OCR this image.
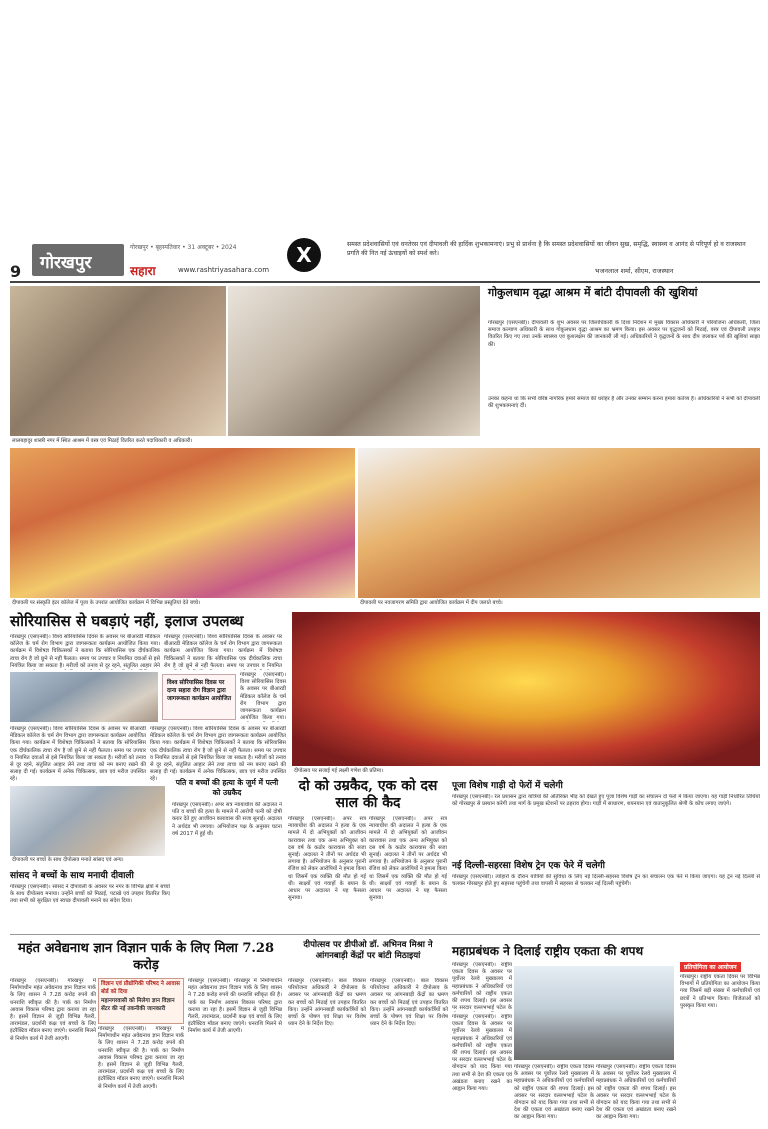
गोरखपुर • बृहस्पतिवार • 31 अक्टूबर • 2024
9 गोरखपुर	सहारा	www.rashtriyasahara.com
X	समस्त प्रदेशवासियों एवं धनतेरस एवं दीपावली की हार्दिक शुभकामनाएं। प्रभु से प्रार्थना है कि समस्त प्रदेशवासियों का जीवन सुख, समृद्धि, स्वास्थ्य व आनंद से परिपूर्ण हो व राजस्थान प्रगति की नित नई ऊंचाइयों को स्पर्श करे।
भजनलाल शर्मा, सीएम, राजस्थान
लालबहादुर शास्त्री नगर में स्थित आश्रम में वस्त्र एवं मिठाई वितरित करते पदाधिकारी व अधिकारी।
गोकुलधाम वृद्धा आश्रम में बांटी दीपावली की खुशियां
गोरखपुर (एसएनबी)। दीपावली के शुभ अवसर पर जिलाधिकारी के दिशा निर्देशन में मुख्य विकास अधिकारी ने परियोजना अधिकारी, जिला समाज कल्याण अधिकारी के साथ गोकुलधाम वृद्धा आश्रम का भ्रमण किया। इस अवसर पर वृद्धजनों को मिठाई, वस्त्र एवं दीपावली उपहार वितरित किए गए तथा उनके स्वास्थ्य एवं कुशलक्षेम की जानकारी ली गई। अधिकारियों ने वृद्धजनों के साथ दीप जलाकर पर्व की खुशियां साझा कीं।
उनका कहना था कि सभी वरिष्ठ नागरिक हमारे समाज की धरोहर हैं और उनका सम्मान करना हमारा कर्तव्य है। अधिकारियों ने सभी को दीपावली की शुभकामनाएं दीं।
दीपावली पर संस्कृति इंटर कॉलेज में पूजा के उपरांत आयोजित कार्यक्रम में विभिन्न प्रस्तुतियां देते बच्चे।	दीपावली पर नवजागरण समिति द्वारा आयोजित कार्यक्रम में दीप जलाते बच्चे।
सोरियासिस से घबड़ाएं नहीं, इलाज उपलब्ध
गोरखपुर (एसएनबी)। विश्व सोरियासिस दिवस के अवसर पर बीआरडी मेडिकल कॉलेज के चर्म रोग विभाग द्वारा जागरूकता कार्यक्रम आयोजित किया गया। कार्यक्रम में विशेषज्ञ चिकित्सकों ने बताया कि सोरियासिस एक दीर्घकालिक त्वचा रोग है जो छूने से नहीं फैलता। समय पर उपचार व नियमित दवाओं से इसे नियंत्रित किया जा सकता है। मरीजों को तनाव से दूर रहने, संतुलित आहार लेने
गोरखपुर (एसएनबी)। विश्व सोरियासिस दिवस के अवसर पर बीआरडी मेडिकल कॉलेज के चर्म रोग विभाग द्वारा जागरूकता कार्यक्रम आयोजित किया गया। कार्यक्रम में विशेषज्ञ चिकित्सकों ने बताया कि सोरियासिस एक दीर्घकालिक त्वचा रोग है जो छूने से नहीं फैलता। समय पर उपचार व नियमित
विश्व सोरियासिस दिवस पर दाना सहारा रोग विज्ञान द्वारा जागरूकता कार्यक्रम आयोजित
गोरखपुर (एसएनबी)। विश्व सोरियासिस दिवस के अवसर पर बीआरडी मेडिकल कॉलेज के चर्म रोग विभाग द्वारा जागरूकता कार्यक्रम आयोजित किया गया।
गोरखपुर (एसएनबी)। विश्व सोरियासिस दिवस के अवसर पर बीआरडी मेडिकल कॉलेज के चर्म रोग विभाग द्वारा जागरूकता कार्यक्रम आयोजित किया गया। कार्यक्रम में विशेषज्ञ चिकित्सकों ने बताया कि सोरियासिस एक दीर्घकालिक त्वचा रोग है जो छूने से नहीं फैलता। समय पर उपचार व नियमित दवाओं से इसे नियंत्रित किया जा सकता है। मरीजों को तनाव से दूर रहने, संतुलित आहार लेने तथा त्वचा को नम बनाए रखने की सलाह दी गई। कार्यक्रम में अनेक चिकित्सक, छात्र एवं मरीज उपस्थित रहे।
गोरखपुर (एसएनबी)। विश्व सोरियासिस दिवस के अवसर पर बीआरडी मेडिकल कॉलेज के चर्म रोग विभाग द्वारा जागरूकता कार्यक्रम आयोजित किया गया। कार्यक्रम में विशेषज्ञ चिकित्सकों ने बताया कि सोरियासिस एक दीर्घकालिक त्वचा रोग है जो छूने से नहीं फैलता। समय पर उपचार व नियमित दवाओं से इसे नियंत्रित किया जा सकता है। मरीजों को तनाव से दूर रहने, संतुलित आहार लेने तथा त्वचा को नम बनाए रखने की सलाह दी गई। कार्यक्रम में अनेक चिकित्सक, छात्र एवं मरीज उपस्थित रहे।
दीपोत्सव पर सजाई गई लक्ष्मी गणेश की प्रतिमा।
दीपावली पर बच्चों के साथ दीपोत्सव मनाते सांसद एवं अन्य।
सांसद ने बच्चों के साथ मनायी दीवाली
गोरखपुर (एसएनबी)। सांसद ने दीपावली के अवसर पर नगर के विभिन्न क्षेत्रों में बच्चों के साथ दीपोत्सव मनाया। उन्होंने बच्चों को मिठाई, पटाखे एवं उपहार वितरित किए तथा सभी को सुरक्षित एवं स्वच्छ दीपावली मनाने का संदेश दिया।
पति व बच्चों की हत्या के जुर्म में पत्नी को उम्रकैद
गोरखपुर (एसएनबी)। अपर सत्र न्यायाधीश की अदालत ने पति व बच्चों की हत्या के मामले में आरोपी पत्नी को दोषी करार देते हुए आजीवन कारावास की सजा सुनाई। अदालत ने अर्थदंड भी लगाया। अभियोजन पक्ष के अनुसार घटना वर्ष 2017 में हुई थी।
दो को उम्रकैद, एक को दस साल की कैद
गोरखपुर (एसएनबी)। अपर सत्र न्यायाधीश की अदालत ने हत्या के एक मामले में दो अभियुक्तों को आजीवन कारावास तथा एक अन्य अभियुक्त को दस वर्ष के कठोर कारावास की सजा सुनाई। अदालत ने तीनों पर अर्थदंड भी लगाया है। अभियोजन के अनुसार पुरानी रंजिश को लेकर आरोपियों ने हमला किया था जिसमें एक व्यक्ति की मौत हो गई थी। साक्ष्यों एवं गवाहों के बयान के आधार पर अदालत ने यह फैसला सुनाया।
गोरखपुर (एसएनबी)। अपर सत्र न्यायाधीश की अदालत ने हत्या के एक मामले में दो अभियुक्तों को आजीवन कारावास तथा एक अन्य अभियुक्त को दस वर्ष के कठोर कारावास की सजा सुनाई। अदालत ने तीनों पर अर्थदंड भी लगाया है। अभियोजन के अनुसार पुरानी रंजिश को लेकर आरोपियों ने हमला किया था जिसमें एक व्यक्ति की मौत हो गई थी। साक्ष्यों एवं गवाहों के बयान के आधार पर अदालत ने यह फैसला सुनाया।
पूजा विशेष गाड़ी दो फेरों में चलेगी
गोरखपुर (एसएनबी)। रेल प्रशासन द्वारा यात्रियों की अतिरिक्त भीड़ को देखते हुए पूजा विशेष गाड़ी का संचालन दो फेरों में किया जाएगा। यह गाड़ी निर्धारित तिथियों को गोरखपुर से प्रस्थान करेगी तथा मार्ग के प्रमुख स्टेशनों पर ठहराव होगा। गाड़ी में साधारण, शयनयान एवं वातानुकूलित श्रेणी के कोच लगाए जाएंगे।
नई दिल्ली-सहरसा विशेष ट्रेन एक फेरे में चलेगी
गोरखपुर (एसएनबी)। त्योहारों के दौरान यात्रियों की सुविधा के लिए नई दिल्ली-सहरसा विशेष ट्रेन का संचालन एक फेरे में किया जाएगा। यह ट्रेन नई दिल्ली से चलकर गोरखपुर होते हुए सहरसा पहुंचेगी तथा वापसी में सहरसा से चलकर नई दिल्ली पहुंचेगी।
महंत अवेद्यनाथ ज्ञान विज्ञान पार्क के लिए मिला 7.28 करोड़
गोरखपुर (एसएनबी)। गोरखपुर में निर्माणाधीन महंत अवेद्यनाथ ज्ञान विज्ञान पार्क के लिए शासन ने 7.28 करोड़ रुपये की धनराशि स्वीकृत की है। पार्क का निर्माण आवास विकास परिषद द्वारा कराया जा रहा है। इसमें विज्ञान से जुड़ी विभिन्न गैलरी, तारामंडल, प्रदर्शनी कक्ष एवं बच्चों के लिए इंटरैक्टिव मॉडल बनाए जाएंगे। धनराशि मिलने से निर्माण कार्य में तेजी आएगी।
विज्ञान एवं प्रौद्योगिकी परिषद ने आवास बोर्ड को दिया
महानगरवासी को मिलेगा ज्ञान विज्ञान सेंटर की नई तकनीकी जानकारी
गोरखपुर (एसएनबी)। गोरखपुर में निर्माणाधीन महंत अवेद्यनाथ ज्ञान विज्ञान पार्क के लिए शासन ने 7.28 करोड़ रुपये की धनराशि स्वीकृत की है। पार्क का निर्माण आवास विकास परिषद द्वारा कराया जा रहा है। इसमें विज्ञान से जुड़ी विभिन्न गैलरी, तारामंडल, प्रदर्शनी कक्ष एवं बच्चों के लिए इंटरैक्टिव मॉडल बनाए जाएंगे। धनराशि मिलने से निर्माण कार्य में तेजी आएगी।
गोरखपुर (एसएनबी)। गोरखपुर में निर्माणाधीन महंत अवेद्यनाथ ज्ञान विज्ञान पार्क के लिए शासन ने 7.28 करोड़ रुपये की धनराशि स्वीकृत की है। पार्क का निर्माण आवास विकास परिषद द्वारा कराया जा रहा है। इसमें विज्ञान से जुड़ी विभिन्न गैलरी, तारामंडल, प्रदर्शनी कक्ष एवं बच्चों के लिए इंटरैक्टिव मॉडल बनाए जाएंगे। धनराशि मिलने से निर्माण कार्य में तेजी आएगी।
दीपोत्सव पर डीपीओ डॉ. अभिनव मिश्रा ने आंगनबाड़ी केंद्रों पर बांटी मिठाइयां
गोरखपुर (एसएनबी)। बाल विकास परियोजना अधिकारी ने दीपोत्सव के अवसर पर आंगनबाड़ी केंद्रों का भ्रमण कर बच्चों को मिठाई एवं उपहार वितरित किए। उन्होंने आंगनबाड़ी कार्यकर्त्रियों को बच्चों के पोषण एवं शिक्षा पर विशेष ध्यान देने के निर्देश दिए।
गोरखपुर (एसएनबी)। बाल विकास परियोजना अधिकारी ने दीपोत्सव के अवसर पर आंगनबाड़ी केंद्रों का भ्रमण कर बच्चों को मिठाई एवं उपहार वितरित किए। उन्होंने आंगनबाड़ी कार्यकर्त्रियों को बच्चों के पोषण एवं शिक्षा पर विशेष ध्यान देने के निर्देश दिए।
महाप्रबंधक ने दिलाई राष्ट्रीय एकता की शपथ
गोरखपुर (एसएनबी)। राष्ट्रीय एकता दिवस के अवसर पर पूर्वोत्तर रेलवे मुख्यालय में महाप्रबंधक ने अधिकारियों एवं कर्मचारियों को राष्ट्रीय एकता की शपथ दिलाई। इस अवसर पर सरदार वल्लभभाई पटेल के
प्रतियोगिता का आयोजन
गोरखपुर। राष्ट्रीय एकता दिवस पर विभिन्न विभागों में प्रतियोगिता का आयोजन किया गया जिसमें बड़ी संख्या में कर्मचारियों एवं छात्रों ने प्रतिभाग किया। विजेताओं को पुरस्कृत किया गया।
गोरखपुर (एसएनबी)। राष्ट्रीय एकता दिवस के अवसर पर पूर्वोत्तर रेलवे मुख्यालय में महाप्रबंधक ने अधिकारियों एवं कर्मचारियों को राष्ट्रीय एकता की शपथ दिलाई। इस अवसर पर सरदार वल्लभभाई पटेल के योगदान को याद किया गया तथा सभी से देश की एकता एवं अखंडता बनाए रखने का आह्वान किया गया।
गोरखपुर (एसएनबी)। राष्ट्रीय एकता दिवस के अवसर पर पूर्वोत्तर रेलवे मुख्यालय में महाप्रबंधक ने अधिकारियों एवं कर्मचारियों को राष्ट्रीय एकता की शपथ दिलाई। इस अवसर पर सरदार वल्लभभाई पटेल के योगदान को याद किया गया तथा सभी से देश की एकता एवं अखंडता बनाए रखने का आह्वान किया गया।
गोरखपुर (एसएनबी)। राष्ट्रीय एकता दिवस के अवसर पर पूर्वोत्तर रेलवे मुख्यालय में महाप्रबंधक ने अधिकारियों एवं कर्मचारियों को राष्ट्रीय एकता की शपथ दिलाई। इस अवसर पर सरदार वल्लभभाई पटेल के योगदान को याद किया गया तथा सभी से देश की एकता एवं अखंडता बनाए रखने का आह्वान किया गया।
